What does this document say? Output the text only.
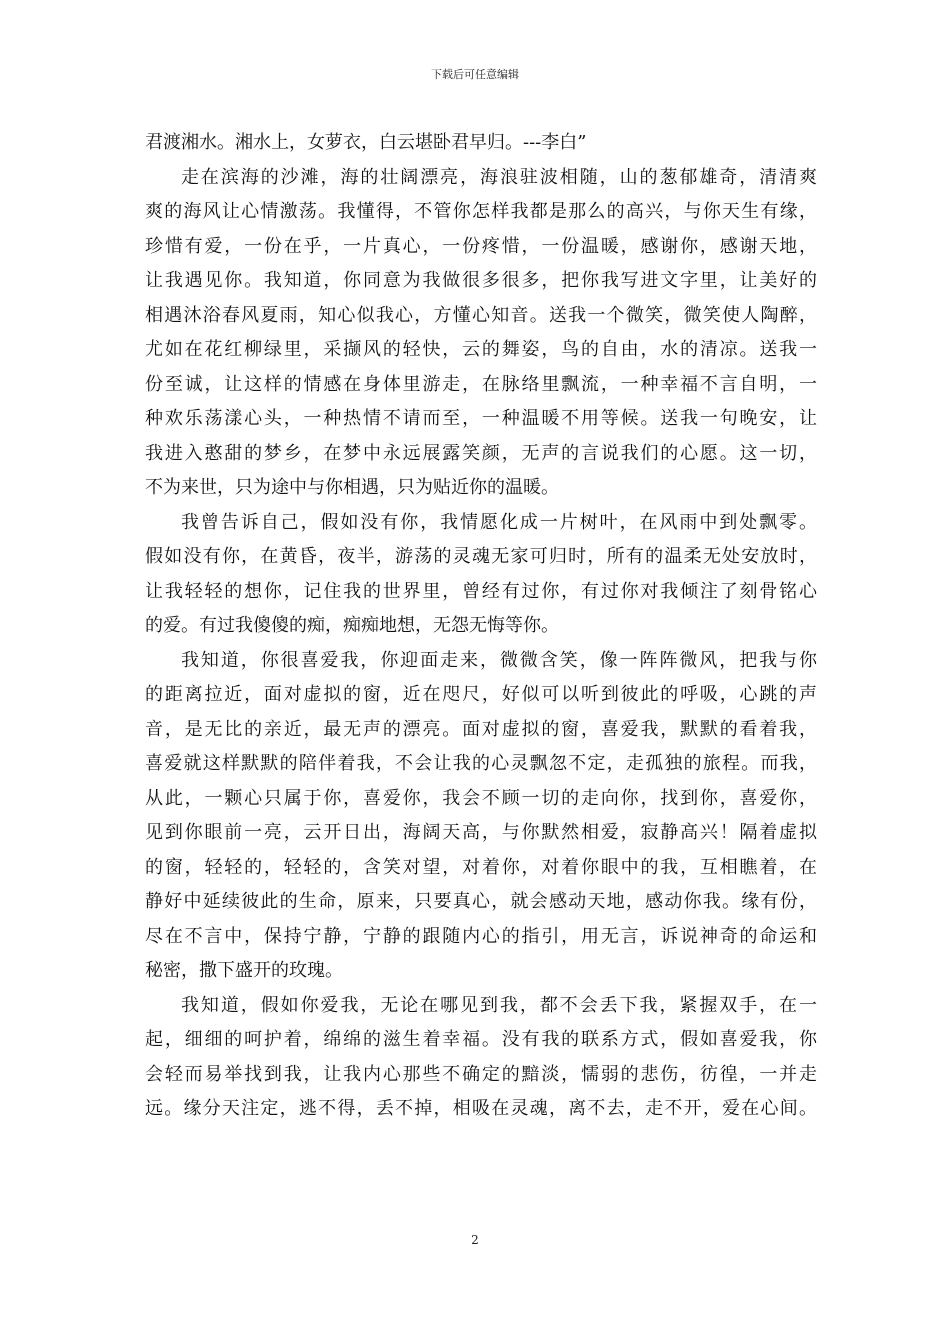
下载后可任意编辑
君渡湘水。湘水上，女萝衣，白云堪卧君早归。---李白”
走在滨海的沙滩，海的壮阔漂亮，海浪驻波相随，山的葱郁雄奇，清清爽
爽的海风让心情激荡。我懂得，不管你怎样我都是那么的高兴，与你天生有缘，
珍惜有爱，一份在乎，一片真心，一份疼惜，一份温暖，感谢你，感谢天地，
让我遇见你。我知道，你同意为我做很多很多，把你我写进文字里，让美好的
相遇沐浴春风夏雨，知心似我心，方懂心知音。送我一个微笑，微笑使人陶醉，
尤如在花红柳绿里，采撷风的轻快，云的舞姿，鸟的自由，水的清凉。送我一
份至诚，让这样的情感在身体里游走，在脉络里飘流，一种幸福不言自明，一
种欢乐荡漾心头，一种热情不请而至，一种温暖不用等候。送我一句晚安，让
我进入憨甜的梦乡，在梦中永远展露笑颜，无声的言说我们的心愿。这一切，
不为来世，只为途中与你相遇，只为贴近你的温暖。
我曾告诉自己，假如没有你，我情愿化成一片树叶，在风雨中到处飘零。
假如没有你，在黄昏，夜半，游荡的灵魂无家可归时，所有的温柔无处安放时，
让我轻轻的想你，记住我的世界里，曾经有过你，有过你对我倾注了刻骨铭心
的爱。有过我傻傻的痴，痴痴地想，无怨无悔等你。
我知道，你很喜爱我，你迎面走来，微微含笑，像一阵阵微风，把我与你
的距离拉近，面对虚拟的窗，近在咫尺，好似可以听到彼此的呼吸，心跳的声
音，是无比的亲近，最无声的漂亮。面对虚拟的窗，喜爱我，默默的看着我，
喜爱就这样默默的陪伴着我，不会让我的心灵飘忽不定，走孤独的旅程。而我，
从此，一颗心只属于你，喜爱你，我会不顾一切的走向你，找到你，喜爱你，
见到你眼前一亮，云开日出，海阔天高，与你默然相爱，寂静高兴！隔着虚拟
的窗，轻轻的，轻轻的，含笑对望，对着你，对着你眼中的我，互相瞧着，在
静好中延续彼此的生命，原来，只要真心，就会感动天地，感动你我。缘有份，
尽在不言中，保持宁静，宁静的跟随内心的指引，用无言，诉说神奇的命运和
秘密，撒下盛开的玫瑰。
我知道，假如你爱我，无论在哪见到我，都不会丢下我，紧握双手，在一
起，细细的呵护着，绵绵的滋生着幸福。没有我的联系方式，假如喜爱我，你
会轻而易举找到我，让我内心那些不确定的黯淡，懦弱的悲伤，彷徨，一并走
远。缘分天注定，逃不得，丢不掉，相吸在灵魂，离不去，走不开，爱在心间。
2
